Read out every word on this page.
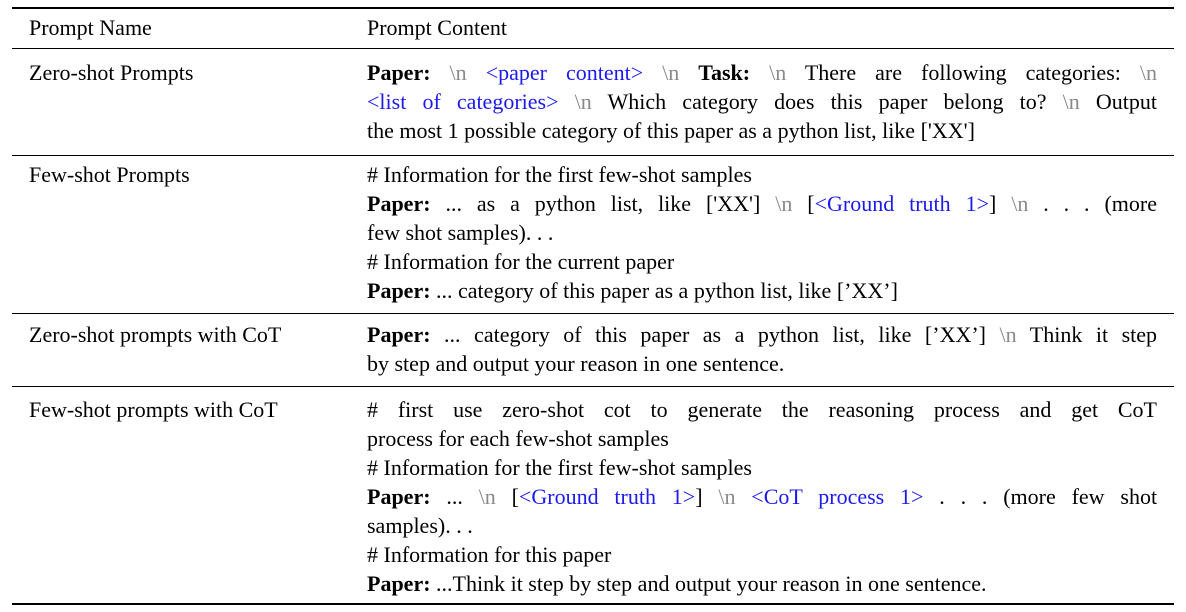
Prompt Name	Prompt Content
Zero-shot Prompts	Paper: \n <paper content> \n Task: \n There are following categories: \n
<list of categories> \n Which category does this paper belong to? \n Output
the most 1 possible category of this paper as a python list, like ['XX']
Few-shot Prompts	# Information for the first few-shot samples
Paper: ... as a python list, like ['XX'] \n [<Ground truth 1>] \n . . . (more
few shot samples). . .
# Information for the current paper
Paper: ... category of this paper as a python list, like [’XX’]
Zero-shot prompts with CoT	Paper: ... category of this paper as a python list, like [’XX’] \n Think it step
by step and output your reason in one sentence.
Few-shot prompts with CoT	# first use zero-shot cot to generate the reasoning process and get CoT
process for each few-shot samples
# Information for the first few-shot samples
Paper: ... \n [<Ground truth 1>] \n <CoT process 1> . . . (more few shot
samples). . .
# Information for this paper
Paper: ...Think it step by step and output your reason in one sentence.
